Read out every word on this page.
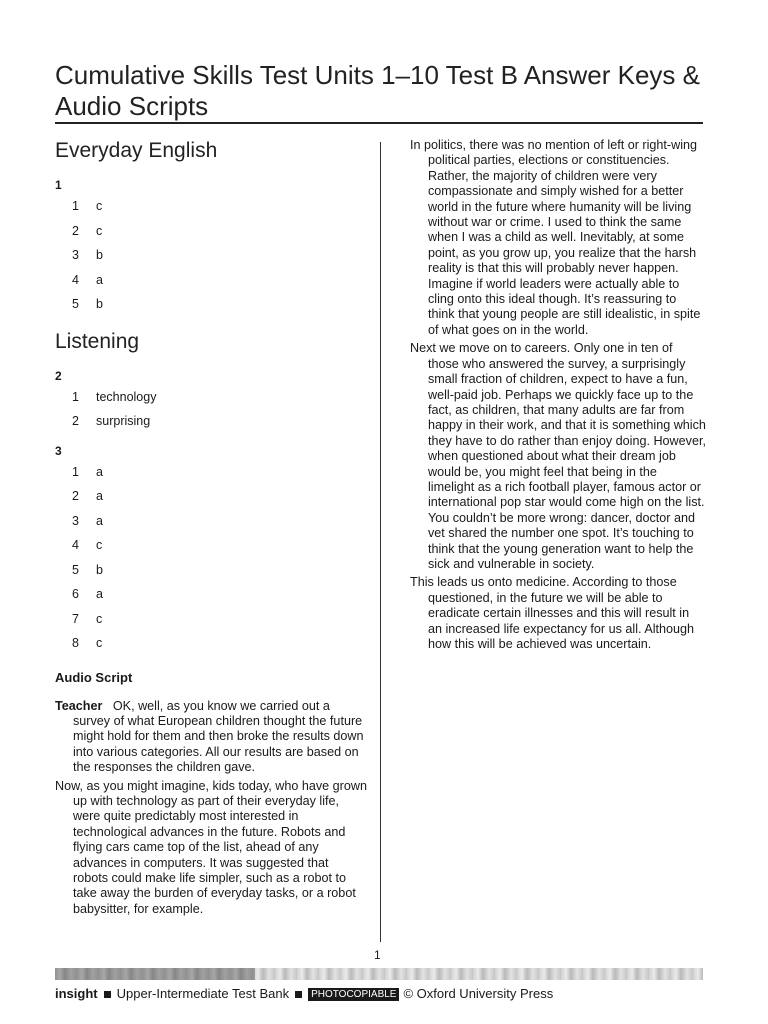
Cumulative Skills Test Units 1–10 Test B Answer Keys & Audio Scripts
Everyday English
1
1 c
2 c
3 b
4 a
5 b
Listening
2
1 technology
2 surprising
3
1 a
2 a
3 a
4 c
5 b
6 a
7 c
8 c
Audio Script

Teacher OK, well, as you know we carried out a survey of what European children thought the future might hold for them and then broke the results down into various categories. All our results are based on the responses the children gave.

Now, as you might imagine, kids today, who have grown up with technology as part of their everyday life, were quite predictably most interested in technological advances in the future. Robots and flying cars came top of the list, ahead of any advances in computers. It was suggested that robots could make life simpler, such as a robot to take away the burden of everyday tasks, or a robot babysitter, for example.

In politics, there was no mention of left or right-wing political parties, elections or constituencies. Rather, the majority of children were very compassionate and simply wished for a better world in the future where humanity will be living without war or crime. I used to think the same when I was a child as well. Inevitably, at some point, as you grow up, you realize that the harsh reality is that this will probably never happen. Imagine if world leaders were actually able to cling onto this ideal though. It’s reassuring to think that young people are still idealistic, in spite of what goes on in the world.

Next we move on to careers. Only one in ten of those who answered the survey, a surprisingly small fraction of children, expect to have a fun, well-paid job. Perhaps we quickly face up to the fact, as children, that many adults are far from happy in their work, and that it is something which they have to do rather than enjoy doing. However, when questioned about what their dream job would be, you might feel that being in the limelight as a rich football player, famous actor or international pop star would come high on the list. You couldn’t be more wrong: dancer, doctor and vet shared the number one spot. It’s touching to think that the young generation want to help the sick and vulnerable in society.

This leads us onto medicine. According to those questioned, in the future we will be able to eradicate certain illnesses and this will result in an increased life expectancy for us all. Although how this will be achieved was uncertain.

1
insight Upper-Intermediate Test Bank PHOTOCOPIABLE © Oxford University Press
